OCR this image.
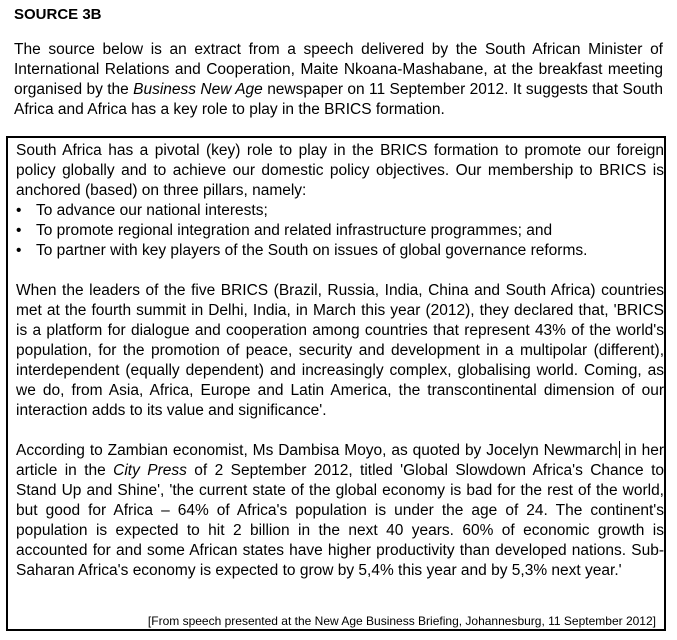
SOURCE 3B
The source below is an extract from a speech delivered by the South African Minister of International Relations and Cooperation, Maite Nkoana-Mashabane, at the breakfast meeting organised by the Business New Age newspaper on 11 September 2012. It suggests that South Africa and Africa has a key role to play in the BRICS formation.

South Africa has a pivotal (key) role to play in the BRICS formation to promote our foreign policy globally and to achieve our domestic policy objectives. Our membership to BRICS is anchored (based) on three pillars, namely:

• To advance our national interests;
• To promote regional integration and related infrastructure programmes; and
• To partner with key players of the South on issues of global governance reforms.

When the leaders of the five BRICS (Brazil, Russia, India, China and South Africa) countries met at the fourth summit in Delhi, India, in March this year (2012), they declared that, 'BRICS is a platform for dialogue and cooperation among countries that represent 43% of the world's population, for the promotion of peace, security and development in a multipolar (different), interdependent (equally dependent) and increasingly complex, globalising world. Coming, as we do, from Asia, Africa, Europe and Latin America, the transcontinental dimension of our interaction adds to its value and significance'.

According to Zambian economist, Ms Dambisa Moyo, as quoted by Jocelyn Newmarch in her article in the City Press of 2 September 2012, titled 'Global Slowdown Africa's Chance to Stand Up and Shine', 'the current state of the global economy is bad for the rest of the world, but good for Africa – 64% of Africa's population is under the age of 24. The continent's population is expected to hit 2 billion in the next 40 years. 60% of economic growth is accounted for and some African states have higher productivity than developed nations. Sub-Saharan Africa's economy is expected to grow by 5,4% this year and by 5,3% next year.'

[From speech presented at the New Age Business Briefing, Johannesburg, 11 September 2012]
